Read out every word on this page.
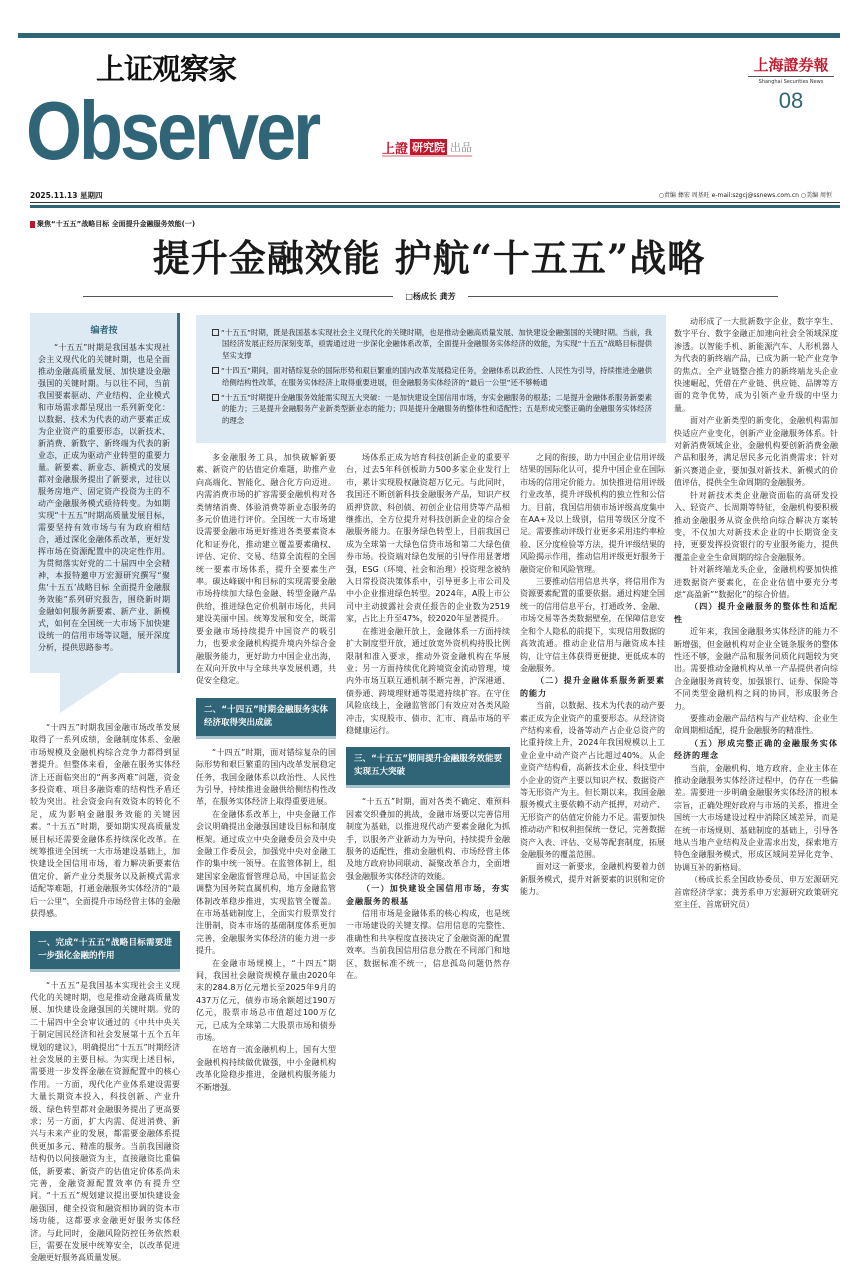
上证观察家
Observer	上證 研究院 出品
上海證券報
Shanghai Securities News
08
2025.11.13 星期四	○责编 彝宏 周基旺 e-mail:szgcj@ssnews.com.cn ○美编 周恒
聚焦“十五五”战略目标 全面提升金融服务效能(一)
提升金融效能 护航“十五五”战略
□杨成长 龚芳
编者按
“十五五”时期是我国基本实现社会主义现代化的关键时期，也是全面推动金融高质量发展、加快建设金融强国的关键时期。与以往不同，当前我国要素驱动、产业结构、企业模式和市场需求都呈现出一系列新变化：以数据、技术为代表的动产要素正成为企业资产的重要形态，以新技术、新消费、新数字、新终端为代表的新业态，正成为驱动产业转型的重要力量。新要素、新业态、新模式的发展都对金融服务提出了新要求，过往以服务房地产、固定资产投资为主的不动产金融服务模式亟待转变。为如期实现“十五五”时期高质量发展目标，需要坚持有效市场与有为政府相结合，通过深化金融体系改革，更好发挥市场在资源配置中的决定性作用。为贯彻落实好党的二十届四中全会精神，本报特邀申万宏源研究撰写“聚焦‘十五五’战略目标 全面提升金融服务效能”系列研究报告，围绕新时期金融如何服务新要素、新产业、新模式，如何在全国统一大市场下加快建设统一的信用市场等议题，展开深度分析，提供思路参考。
“十五五”时期，既是我国基本实现社会主义现代化的关键时期，也是推动金融高质量发展、加快建设金融强国的关键时期。当前，我国经济发展正经历深刻变革，亟需通过进一步深化金融体系改革，全面提升金融服务实体经济的效能，为实现“十五五”战略目标提供坚实支撑
“十四五”期间，面对错综复杂的国际形势和艰巨繁重的国内改革发展稳定任务，金融体系以政治性、人民性为引导，持续推进金融供给侧结构性改革，在服务实体经济上取得重要进展，但金融服务实体经济的“最后一公里”还不够畅通
“十五五”时期提升金融服务效能需实现五大突破：一是加快建设全国信用市场，夯实金融服务的根基；二是提升金融体系服务新要素的能力；三是提升金融服务产业新类型新业态的能力；四是提升金融服务的整体性和适配性；五是形成完整正确的金融服务实体经济的理念

“十四五”时期我国金融市场改革发展取得了一系列成绩，金融制度体系、金融市场规模及金融机构综合竞争力都得到显著提升。但整体来看，金融在服务实体经济上还面临突出的“两多两难”问题，资金多投资难、项目多融资难的结构性矛盾还较为突出。社会资金向有效资本的转化不足，成为影响金融服务效能的关键因素。“十五五”时期，要如期实现高质量发展目标还需要金融体系持续深化改革。在统筹推进全国统一大市场建设基础上，加快建设全国信用市场，着力解决新要素估值定价、新产业分类服务以及新模式需求适配等难题，打通金融服务实体经济的“最后一公里”，全面提升市场经营主体的金融获得感。

一、完成“十五五”战略目标需要进一步强化金融的作用

“十五五”是我国基本实现社会主义现代化的关键时期，也是推动金融高质量发展、加快建设金融强国的关键时期。党的二十届四中全会审议通过的《中共中央关于制定国民经济和社会发展第十五个五年规划的建议》，明确提出“十五五”时期经济社会发展的主要目标。为实现上述目标，需要进一步发挥金融在资源配置中的核心作用。一方面，现代化产业体系建设需要大量长期资本投入，科技创新、产业升级、绿色转型都对金融服务提出了更高要求；另一方面，扩大内需、促进消费、新兴与未来产业的发展，都需要金融体系提供更加多元、精准的服务。当前我国融资结构仍以间接融资为主，直接融资比重偏低，新要素、新资产的估值定价体系尚未完善，金融资源配置效率仍有提升空间。“十五五”规划建议提出要加快建设金融强国，健全投资和融资相协调的资本市场功能，这都要求金融更好服务实体经济。与此同时，金融风险防控任务依然艰巨，需要在发展中统筹安全，以改革促进金融更好服务高质量发展。

多金融服务工具，加快破解新要素、新资产的估值定价难题，助推产业向高端化、智能化、融合化方向迈进。内需消费市场的扩容需要金融机构对各类情绪消费、体验消费等新业态服务的多元价值进行评价。全国统一大市场建设需要金融市场更好推进各类要素资本化和证券化，推动建立覆盖要素确权、评估、定价、交易、结算全流程的全国统一要素市场体系，提升全要素生产率。碳达峰碳中和目标的实现需要金融市场持续加大绿色金融、转型金融产品供给，推进绿色定价机制市场化，共同建设美丽中国。统筹发展和安全，既需要金融市场持续提升中国资产的吸引力，也要求金融机构提升境内外综合金融服务能力，更好助力中国企业出海，在双向开放中与全球共享发展机遇，共促安全稳定。

二、“十四五”时期金融服务实体经济取得突出成就

“十四五”时期，面对错综复杂的国际形势和艰巨繁重的国内改革发展稳定任务，我国金融体系以政治性、人民性为引导，持续推进金融供给侧结构性改革，在服务实体经济上取得重要进展。

在金融体系改革上，中央金融工作会议明确提出金融强国建设目标和制度框架。通过成立中央金融委员会及中央金融工作委员会，加强党中央对金融工作的集中统一领导。在监管体制上，组建国家金融监督管理总局，中国证监会调整为国务院直属机构，地方金融监管体制改革稳步推进，实现监管全覆盖。在市场基础制度上，全面实行股票发行注册制，资本市场的基础制度体系更加完善，金融服务实体经济的能力进一步提升。

在金融市场规模上，“十四五”期间，我国社会融资规模存量由2020年末的284.8万亿元增长至2025年9月的437万亿元，债券市场余额超过190万亿元，股票市场总市值超过100万亿元，已成为全球第二大股票市场和债券市场。

在培育一流金融机构上，国有大型金融机构持续做优做强，中小金融机构改革化险稳步推进，金融机构服务能力不断增强。

场体系正成为培育科技创新企业的重要平台，过去5年科创板助力500多家企业发行上市，累计实现股权融资超万亿元。与此同时，我国还不断创新科技金融服务产品，知识产权质押贷款、科创债、初创企业信用贷等产品相继推出，全方位提升对科技创新企业的综合金融服务能力。在服务绿色转型上，目前我国已成为全球第一大绿色信贷市场和第二大绿色债券市场。投资端对绿色发展的引导作用显著增强，ESG（环境、社会和治理）投资理念被纳入日常投资决策体系中，引导更多上市公司及中小企业推进绿色转型。2024年，A股上市公司中主动披露社会责任报告的企业数为2519家，占比上升至47%，较2020年显著提升。

在推进金融开放上，金融体系一方面持续扩大制度型开放，通过放宽外资机构持股比例限制和准入要求，推动外资金融机构在华展业；另一方面持续优化跨境资金流动管理，境内外市场互联互通机制不断完善，沪深港通、债券通、跨境理财通等渠道持续扩容。在守住风险底线上，金融监管部门有效应对各类风险冲击，实现股市、债市、汇市、商品市场的平稳健康运行。

三、“十五五”期间提升金融服务效能要实现五大突破

“十五五”时期，面对各类不确定、难预料因素交织叠加的挑战，金融市场要以完善信用制度为基础，以推进现代动产要素金融化为抓手，以服务产业新动力为导向，持续提升金融服务的适配性，推动金融机构、市场经营主体及地方政府协同联动、凝聚改革合力，全面增强金融服务实体经济的效能。

（一）加快建设全国信用市场，夯实金融服务的根基

信用市场是金融体系的核心构成，也是统一市场建设的关键支撑。信用信息的完整性、准确性和共享程度直接决定了金融资源的配置效率。当前我国信用信息分散在不同部门和地区，数据标准不统一，信息孤岛问题仍然存在。

之间的衔接，助力中国企业信用评级结果的国际化认可，提升中国企业在国际市场的信用定价能力。加快推进信用评级行业改革，提升评级机构的独立性和公信力。目前，我国信用债市场评级高度集中在AA+及以上级别，信用等级区分度不足。需要推动评级行业更多采用违约率检验、区分度检验等方法，提升评级结果的风险揭示作用，推动信用评级更好服务于融资定价和风险管理。

三要推动信用信息共享，将信用作为资源要素配置的重要依据。通过构建全国统一的信用信息平台，打通政务、金融、市场交易等各类数据壁垒，在保障信息安全和个人隐私的前提下，实现信用数据的高效流通。推动企业信用与融资成本挂钩，让守信主体获得更便捷、更低成本的金融服务。

（二）提升金融体系服务新要素的能力

当前，以数据、技术为代表的动产要素正成为企业资产的重要形态。从经济资产结构来看，设备等动产占企业总资产的比重持续上升，2024年我国规模以上工业企业中动产资产占比超过40%。从企业资产结构看，高新技术企业、科技型中小企业的资产主要以知识产权、数据资产等无形资产为主。但长期以来，我国金融服务模式主要依赖不动产抵押，对动产、无形资产的估值定价能力不足。需要加快推动动产和权利担保统一登记，完善数据资产入表、评估、交易等配套制度，拓展金融服务的覆盖范围。

面对这一新要求，金融机构要着力创新服务模式，提升对新要素的识别和定价能力。

动形成了一大批新数字企业，数字孪生、数字平台、数字金融正加速向社会全领域深度渗透。以智能手机、新能源汽车、人形机器人为代表的新终端产品，已成为新一轮产业竞争的焦点。全产业链整合推力的新终端龙头企业快速崛起，凭借在产业链、供应链、品牌等方面的竞争优势，成为引领产业升级的中坚力量。

面对产业新类型的新变化，金融机构需加快适应产业变化，创新产业金融服务体系。针对新消费领域企业，金融机构要创新消费金融产品和服务，满足居民多元化消费需求；针对新兴赛道企业，要加强对新技术、新模式的价值评估，提供全生命周期的金融服务。

针对新技术类企业融资面临的高研发投入、轻资产、长周期等特征，金融机构要积极推动金融服务从资金供给向综合解决方案转变，不仅加大对新技术企业的中长期资金支持，更要发挥投资银行的专业服务能力，提供覆盖企业全生命周期的综合金融服务。

针对新终端龙头企业，金融机构要加快推进数据资产要素化，在企业估值中要充分考虑“高盈新”“数据化”的综合价值。

（四）提升金融服务的整体性和适配性

近年来，我国金融服务实体经济的能力不断增强，但金融机构对企业全链条服务的整体性还不够，金融产品和服务同质化问题较为突出。需要推动金融机构从单一产品提供者向综合金融服务商转变，加强银行、证券、保险等不同类型金融机构之间的协同，形成服务合力。

要推动金融产品结构与产业结构、企业生命周期相适配，提升金融服务的精准性。

（五）形成完整正确的金融服务实体经济的理念

当前，金融机构、地方政府、企业主体在推动金融服务实体经济过程中，仍存在一些偏差。需要进一步明确金融服务实体经济的根本宗旨，正确处理好政府与市场的关系，推进全国统一大市场建设过程中消除区域差异，而是在统一市场规则、基础制度的基础上，引导各地从当地产业结构及企业需求出发，探索地方特色金融服务模式，形成区域间差异化竞争、协调互补的新格局。

（杨成长系全国政协委员、申万宏源研究首席经济学家；龚芳系申万宏源研究政策研究室主任、首席研究员）
